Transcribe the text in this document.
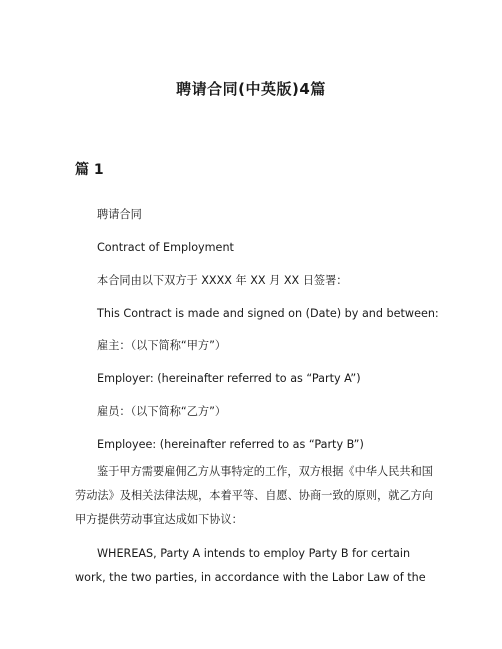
聘请合同(中英版)4篇
篇 1
聘请合同
Contract of Employment
本合同由以下双方于 XXXX 年 XX 月 XX 日签署：
This Contract is made and signed on (Date) by and between:
雇主：（以下简称“甲方”）
Employer: (hereinafter referred to as “Party A”)
雇员：（以下简称“乙方”）
Employee: (hereinafter referred to as “Party B”)
鉴于甲方需要雇佣乙方从事特定的工作，双方根据《中华人民共和国劳动法》及相关法律法规，本着平等、自愿、协商一致的原则，就乙方向甲方提供劳动事宜达成如下协议：
WHEREAS, Party A intends to employ Party B for certain work, the two parties, in accordance with the Labor Law of the
